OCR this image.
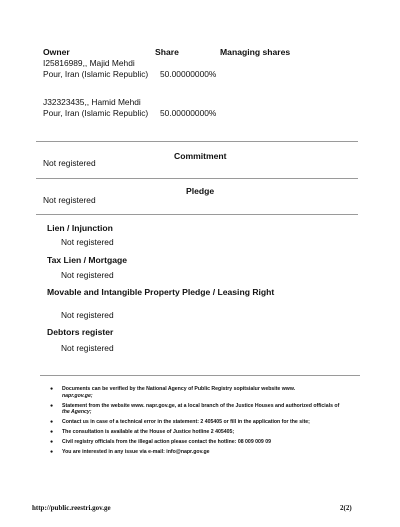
Owner	Share	Managing shares
I25816989,, Majid Mehdi Pour, Iran (Islamic Republic)	50.00000000%
J32323435,, Hamid Mehdi Pour, Iran (Islamic Republic)	50.00000000%
Commitment
Not registered
Pledge
Not registered
Lien / Injunction
Not registered
Tax Lien / Mortgage
Not registered
Movable and Intangible Property Pledge / Leasing Right
Not registered
Debtors register
Not registered
● Documents can be verified by the National Agency of Public Registry sopitsialur website www.
napr.gov.ge;
● Statement from the website www. napr.gov.ge, at a local branch of the Justice Houses and authorized officials of
the Agency;
● Contact us in case of a technical error in the statement: 2 405405 or fill in the application for the site;
● The consultation is available at the House of Justice hotline 2 405405;
● Civil registry officials from the illegal action please contact the hotline: 08 009 009 09
● You are interested in any issue via e-mail: info@napr.gov.ge
http://public.reestri.gov.ge	2(2)
